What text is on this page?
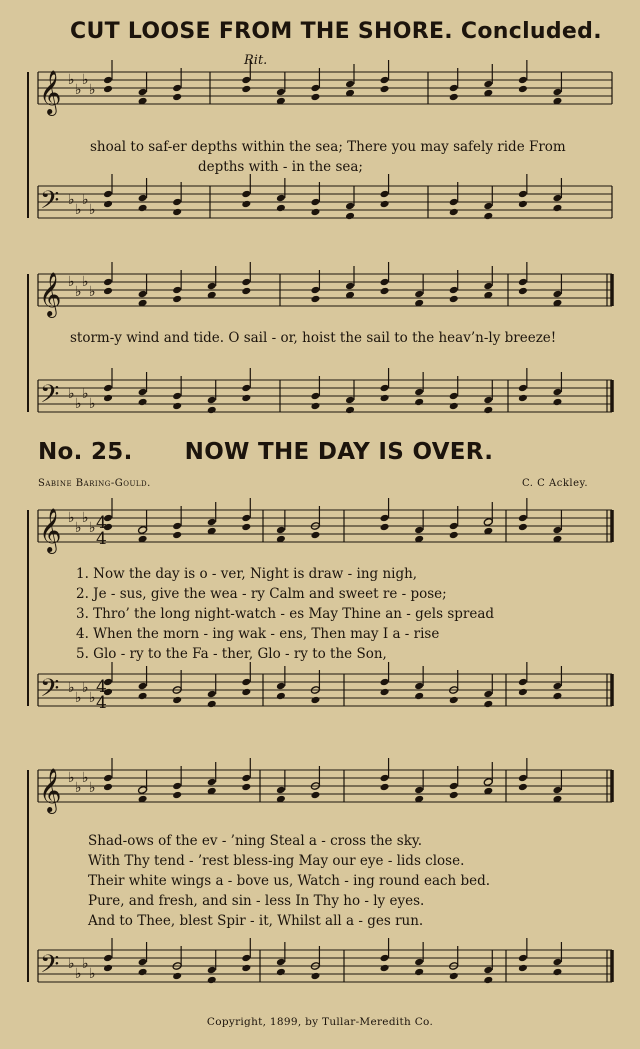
CUT LOOSE FROM THE SHORE. Concluded.
𝄞
𝄢
♭
♭
♭
♭
♭
♭
♭
♭
𝄞
𝄢
♭
♭
♭
♭
♭
♭
♭
♭
𝄞
𝄢
♭
♭
♭
♭
♭
♭
♭
♭
𝄞
𝄢
♭
♭
♭
♭
♭
♭
♭
♭
4
4
4
4
Rit.
shoal to saf-er depths within the sea; There you may safely ride From
depths with - in the sea;
storm-y wind and tide. O sail - or, hoist the sail to the heav’n-ly breeze!
No. 25. NOW THE DAY IS OVER.
Sabine Baring-Gould.	C. C Ackley.
1. Now the day is o - ver, Night is draw - ing nigh,
2. Je - sus, give the wea - ry Calm and sweet re - pose;
3. Thro’ the long night-watch - es May Thine an - gels spread
4. When the morn - ing wak - ens, Then may I a - rise
5. Glo - ry to the Fa - ther, Glo - ry to the Son,
Shad-ows of the ev - ’ning Steal a - cross the sky.
With Thy tend - ’rest bless-ing May our eye - lids close.
Their white wings a - bove us, Watch - ing round each bed.
Pure, and fresh, and sin - less In Thy ho - ly eyes.
And to Thee, blest Spir - it, Whilst all a - ges run.
Copyright, 1899, by Tullar-Meredith Co.
